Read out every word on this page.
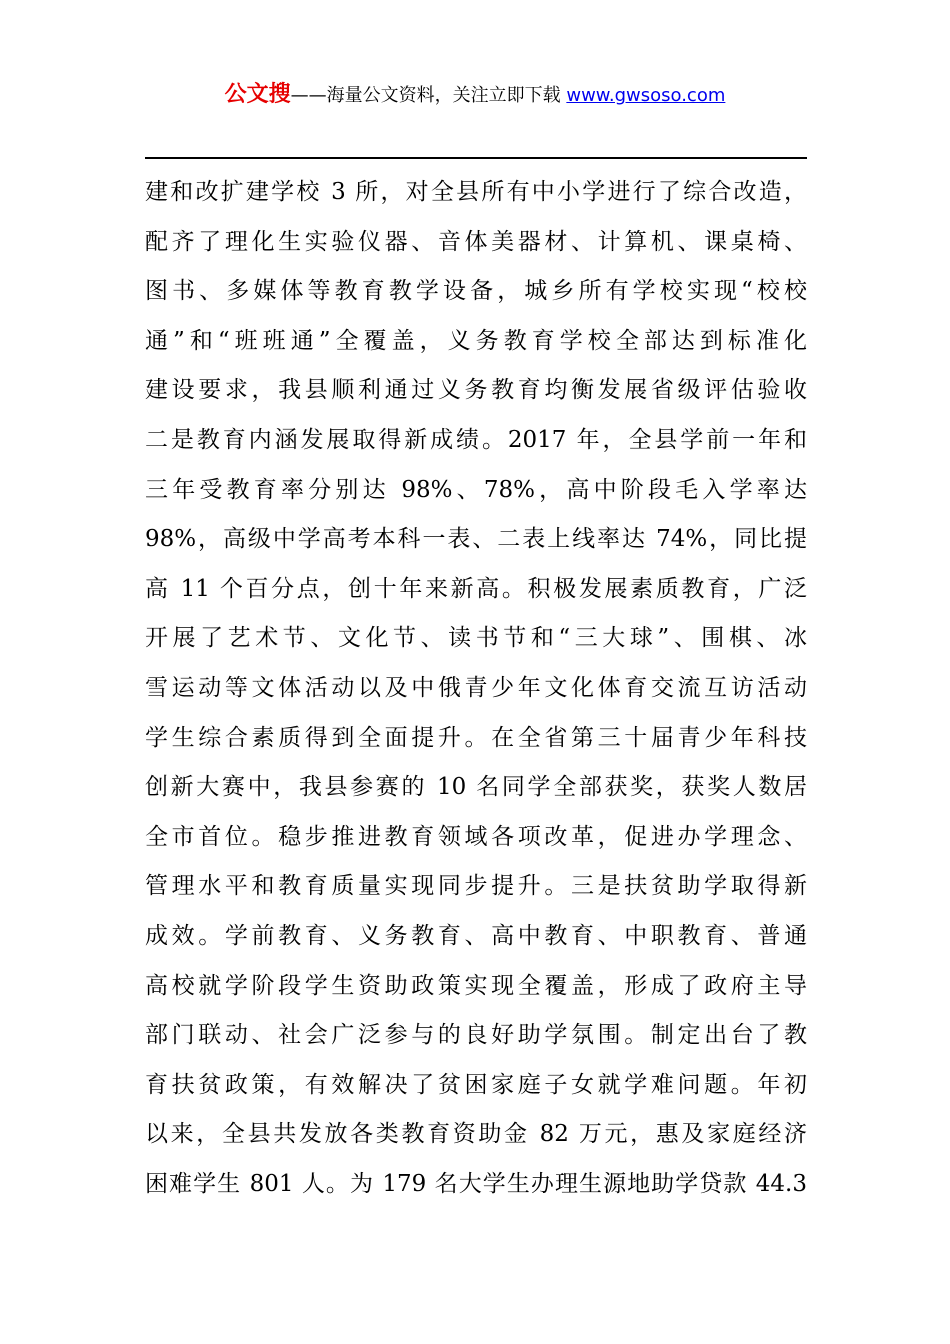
公文搜——海量公文资料，关注立即下载 www.gwsoso.com
建和改扩建学校 3 所，对全县所有中小学进行了综合改造，
配齐了理化生实验仪器、音体美器材、计算机、课桌椅、
图书、多媒体等教育教学设备，城乡所有学校实现“校校
通”和“班班通”全覆盖，义务教育学校全部达到标准化
建设要求，我县顺利通过义务教育均衡发展省级评估验收
二是教育内涵发展取得新成绩。2017 年，全县学前一年和
三年受教育率分别达 98%、78%，高中阶段毛入学率达
98%，高级中学高考本科一表、二表上线率达 74%，同比提
高 11 个百分点，创十年来新高。积极发展素质教育，广泛
开展了艺术节、文化节、读书节和“三大球”、围棋、冰
雪运动等文体活动以及中俄青少年文化体育交流互访活动
学生综合素质得到全面提升。在全省第三十届青少年科技
创新大赛中，我县参赛的 10 名同学全部获奖，获奖人数居
全市首位。稳步推进教育领域各项改革，促进办学理念、
管理水平和教育质量实现同步提升。三是扶贫助学取得新
成效。学前教育、义务教育、高中教育、中职教育、普通
高校就学阶段学生资助政策实现全覆盖，形成了政府主导
部门联动、社会广泛参与的良好助学氛围。制定出台了教
育扶贫政策，有效解决了贫困家庭子女就学难问题。年初
以来，全县共发放各类教育资助金 82 万元，惠及家庭经济
困难学生 801 人。为 179 名大学生办理生源地助学贷款 44.3
